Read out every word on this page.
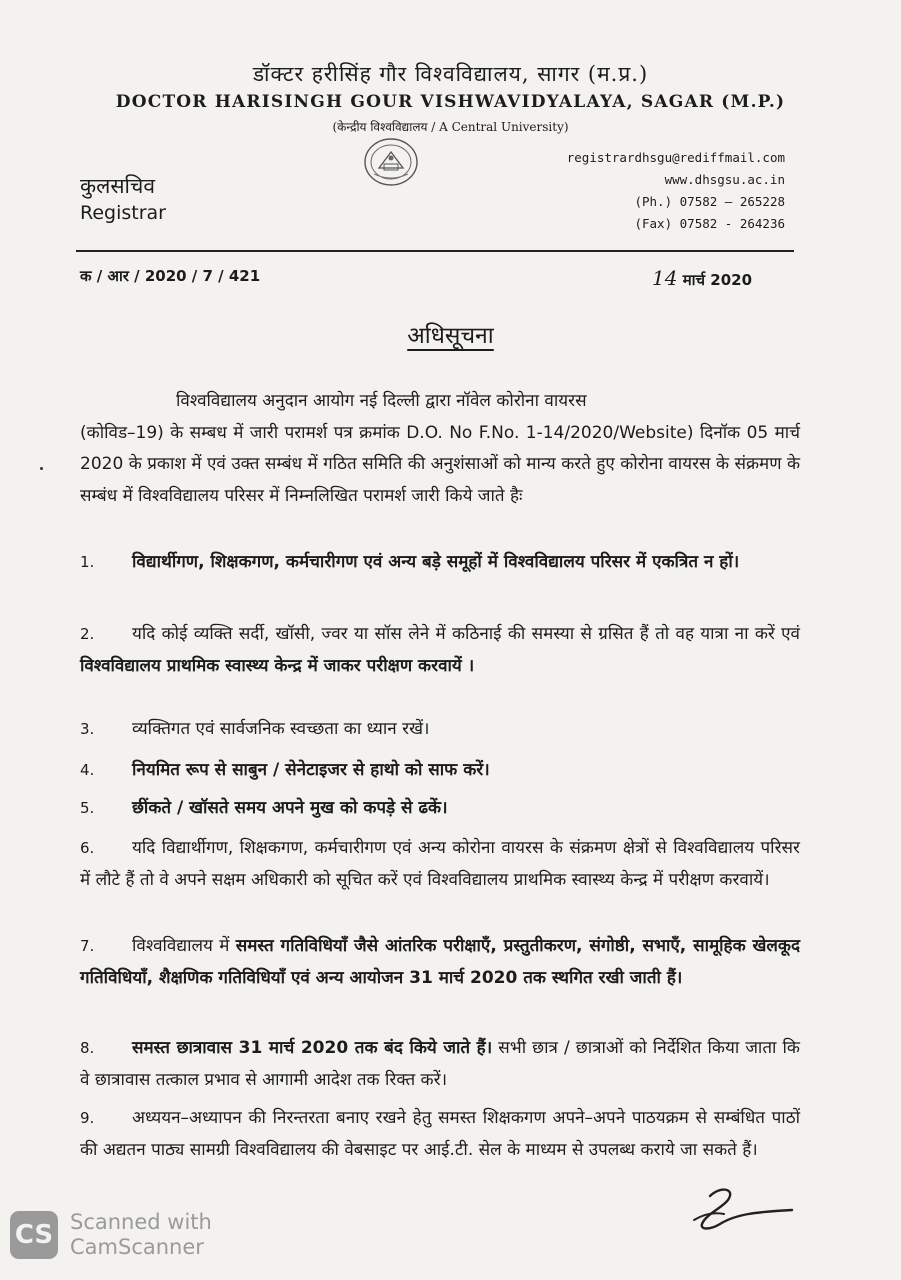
डॉक्टर हरीसिंह गौर विश्वविद्यालय, सागर (म.प्र.)
DOCTOR HARISINGH GOUR VISHWAVIDYALAYA, SAGAR (M.P.)
(केन्द्रीय विश्वविद्यालय / A Central University)
कुलसचिव
Registrar
registrardhsgu@rediffmail.com
www.dhsgsu.ac.in
(Ph.) 07582 – 265228
(Fax) 07582 - 264236
क / आर / 2020 / 7 / 421	14 मार्च 2020
अधिसूचना
विश्वविद्यालय अनुदान आयोग नई दिल्ली द्वारा नॉवेल कोरोना वायरस
(कोविड–19) के सम्बध में जारी परामर्श पत्र क्रमांक D.O. No F.No. 1-14/2020/Website) दिनॉक 05 मार्च 2020 के प्रकाश में एवं उक्त सम्बंध में गठित समिति की अनुशंसाओं को मान्य करते हुए कोरोना वायरस के संक्रमण के सम्बंध में विश्वविद्यालय परिसर में निम्नलिखित परामर्श जारी किये जाते हैः
1. विद्यार्थीगण, शिक्षकगण, कर्मचारीगण एवं अन्य बड़े समूहों में विश्वविद्यालय परिसर में एकत्रित न हों।
2. यदि कोई व्यक्ति सर्दी, खॉसी, ज्वर या सॉस लेने में कठिनाई की समस्या से ग्रसित हैं तो वह यात्रा ना करें एवं विश्वविद्यालय प्राथमिक स्वास्थ्य केन्द्र में जाकर परीक्षण करवायें ।
3. व्यक्तिगत एवं सार्वजनिक स्वच्छता का ध्यान रखें।
4. नियमित रूप से साबुन / सेनेटाइजर से हाथो को साफ करें।
5. छींकते / खॉसते समय अपने मुख को कपड़े से ढकें।
6. यदि विद्यार्थीगण, शिक्षकगण, कर्मचारीगण एवं अन्य कोरोना वायरस के संक्रमण क्षेत्रों से विश्वविद्यालय परिसर में लौटे हैं तो वे अपने सक्षम अधिकारी को सूचित करें एवं विश्वविद्यालय प्राथमिक स्वास्थ्य केन्द्र में परीक्षण करवायें।
7. विश्वविद्यालय में समस्त गतिविधियॉं जैसे आंतरिक परीक्षाएँ, प्रस्तुतीकरण, संगोष्ठी, सभाएँ, सामूहिक खेलकूद गतिविधियॉं, शैक्षणिक गतिविधियॉं एवं अन्य आयोजन 31 मार्च 2020 तक स्थगित रखी जाती हैं।
8. समस्त छात्रावास 31 मार्च 2020 तक बंद किये जाते हैं। सभी छात्र / छात्राओं को निर्देशित किया जाता कि वे छात्रावास तत्काल प्रभाव से आगामी आदेश तक रिक्त करें।
9. अध्ययन–अध्यापन की निरन्तरता बनाए रखने हेतु समस्त शिक्षकगण अपने–अपने पाठयक्रम से सम्बंधित पाठों की अद्यतन पाठ्य सामग्री विश्वविद्यालय की वेबसाइट पर आई.टी. सेल के माध्यम से उपलब्ध कराये जा सकते हैं।
CS Scanned with
CamScanner
